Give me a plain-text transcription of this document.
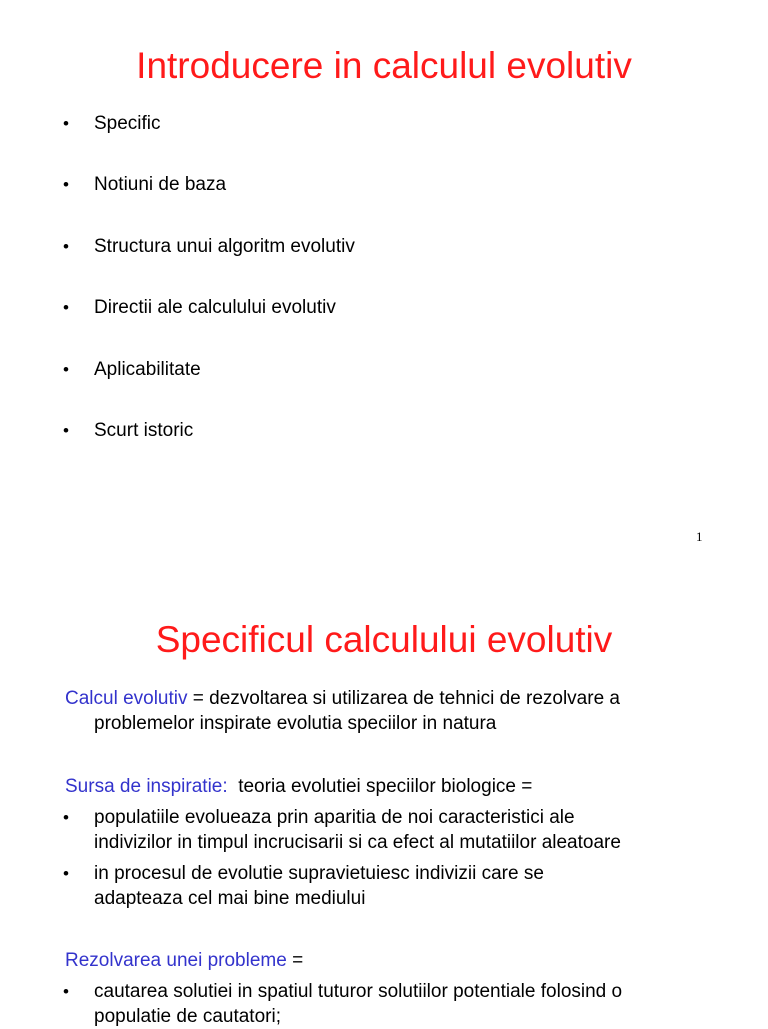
Introducere in calculul evolutiv
• Specific
• Notiuni de baza
• Structura unui algoritm evolutiv
• Directii ale calculului evolutiv
• Aplicabilitate
• Scurt istoric
1
Specificul calculului evolutiv
Calcul evolutiv = dezvoltarea si utilizarea de tehnici de rezolvare a
problemelor inspirate evolutia speciilor in natura
Sursa de inspiratie:  teoria evolutiei speciilor biologice =
• populatiile evolueaza prin aparitia de noi caracteristici ale
indivizilor in timpul incrucisarii si ca efect al mutatiilor aleatoare
• in procesul de evolutie supravietuiesc indivizii care se
adapteaza cel mai bine mediului
Rezolvarea unei probleme =
• cautarea solutiei in spatiul tuturor solutiilor potentiale folosind o
populatie de cautatori;
